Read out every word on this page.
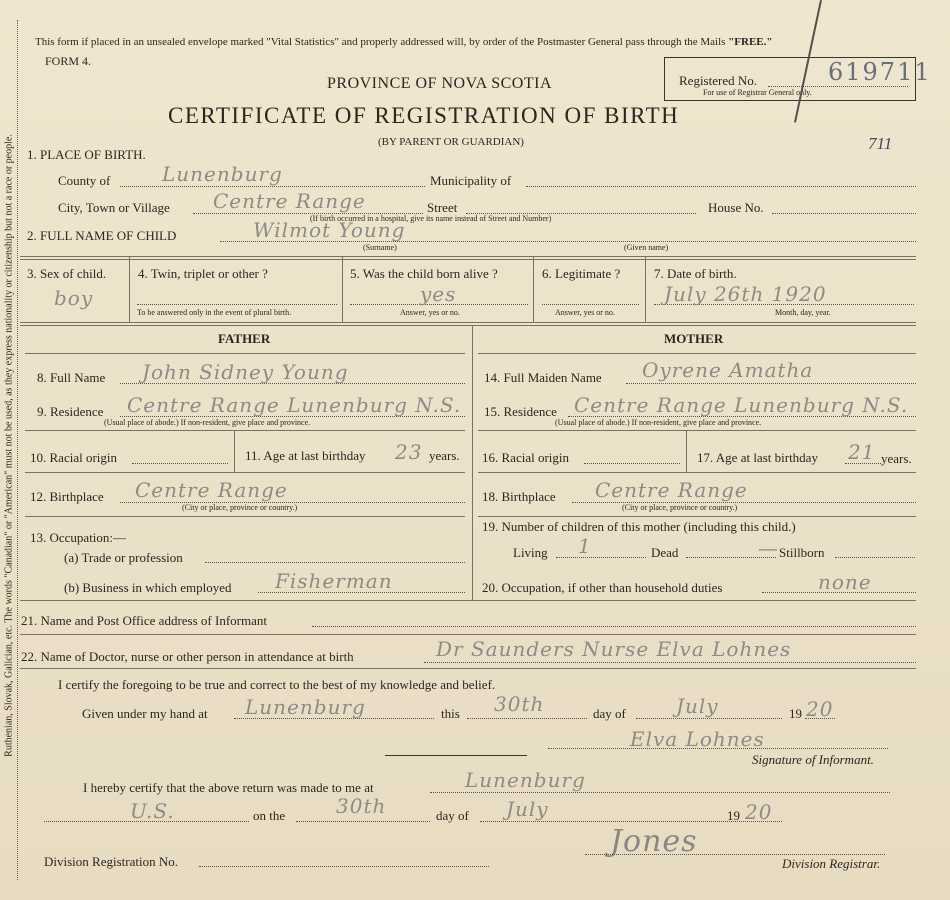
Ruthenian, Slovak, Galician, etc. The words "Canadian" or "American" must not be used, as they express nationality or citizenship but not a race or people.
This form if placed in an unsealed envelope marked "Vital Statistics" and properly addressed will, by order of the Postmaster General pass through the Mails "FREE."
FORM 4.
PROVINCE OF NOVA SCOTIA
CERTIFICATE OF REGISTRATION OF BIRTH
(BY PARENT OR GUARDIAN)
Registered No.	619711
For use of Registrar General only.
711
1. PLACE OF BIRTH.
County of	Lunenburg	Municipality of
City, Town or Village Centre Range	Street	House No.
(If birth occurred in a hospital, give its name instead of Street and Number)
2. FULL NAME OF CHILD	Wilmot Young
(Surname)	(Given name)
3. Sex of child.
boy
4. Twin, triplet or other ?
To be answered only in the event of plural birth.
5. Was the child born alive ?
yes
Answer, yes or no.
6. Legitimate ?
Answer, yes or no.
7. Date of birth.
July 26th 1920
Month, day, year.
FATHER
8. Full Name John Sidney Young
9. Residence Centre Range Lunenburg N.S.
(Usual place of abode.) If non-resident, give place and province.
10. Racial origin	11. Age at last birthday 23 years.
12. Birthplace Centre Range
(City or place, province or country.)
13. Occupation:—
(a) Trade or profession
(b) Business in which employed Fisherman
MOTHER
14. Full Maiden Name Oyrene Amatha
15. Residence Centre Range Lunenburg N.S.
(Usual place of abode.) If non-resident, give place and province.
16. Racial origin	17. Age at last birthday 21 years.
18. Birthplace Centre Range
(City or place, province or country.)
19. Number of children of this mother (including this child.)
Living 1	Dead	— Stillborn
20. Occupation, if other than household duties	none
21. Name and Post Office address of Informant
22. Name of Doctor, nurse or other person in attendance at birth	Dr Saunders Nurse Elva Lohnes
I certify the foregoing to be true and correct to the best of my knowledge and belief.
Given under my hand at Lunenburg	this 30th	day of	July	19 20
Elva Lohnes
Signature of Informant.
I hereby certify that the above return was made to me at	Lunenburg
U.S.	on the	30th	day of July	19 20
Division Registration No.
Jones
Division Registrar.
